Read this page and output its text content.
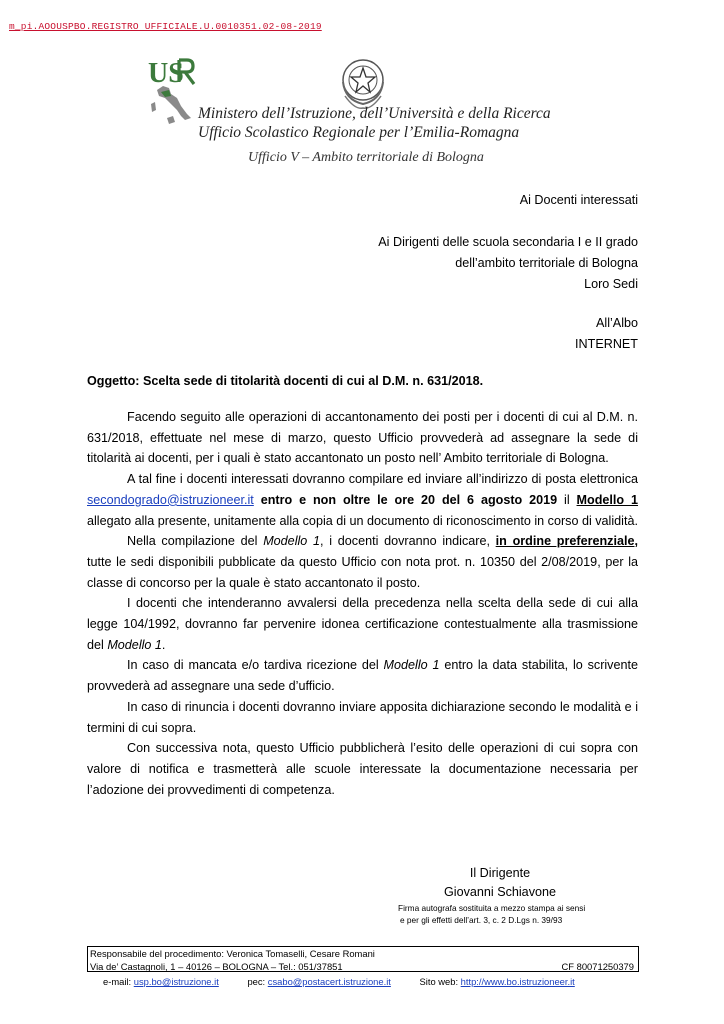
m_pi.AOOUSPBO.REGISTRO UFFICIALE.U.0010351.02-08-2019
US
Ministero dell’Istruzione, dell’Università e della Ricerca
Ufficio Scolastico Regionale per l’Emilia-Romagna
Ufficio V – Ambito territoriale di Bologna
Ai Docenti interessati
Ai Dirigenti delle scuola secondaria I e II grado
dell’ambito territoriale di Bologna
Loro Sedi
All’Albo
INTERNET
Oggetto: Scelta sede di titolarità docenti di cui al D.M. n. 631/2018.

Facendo seguito alle operazioni di accantonamento dei posti per i docenti di cui al D.M. n. 631/2018, effettuate nel mese di marzo, questo Ufficio provvederà ad assegnare la sede di titolarità ai docenti, per i quali è stato accantonato un posto nell’ Ambito territoriale di Bologna.

A tal fine i docenti interessati dovranno compilare ed inviare all’indirizzo di posta elettronica secondogrado@istruzioneer.it entro e non oltre le ore 20 del 6 agosto 2019 il Modello 1 allegato alla presente, unitamente alla copia di un documento di riconoscimento in corso di validità.

Nella compilazione del Modello 1, i docenti dovranno indicare, in ordine preferenziale, tutte le sedi disponibili pubblicate da questo Ufficio con nota prot. n. 10350 del 2/08/2019, per la classe di concorso per la quale è stato accantonato il posto.

I docenti che intenderanno avvalersi della precedenza nella scelta della sede di cui alla legge 104/1992, dovranno far pervenire idonea certificazione contestualmente alla trasmissione del Modello 1.

In caso di mancata e/o tardiva ricezione del Modello 1 entro la data stabilita, lo scrivente provvederà ad assegnare una sede d’ufficio.

In caso di rinuncia i docenti dovranno inviare apposita dichiarazione secondo le modalità e i termini di cui sopra.

Con successiva nota, questo Ufficio pubblicherà l’esito delle operazioni di cui sopra con valore di notifica e trasmetterà alle scuole interessate la documentazione necessaria per l’adozione dei provvedimenti di competenza.

Il Dirigente
Giovanni Schiavone
Firma autografa sostituita a mezzo stampa ai sensi
e per gli effetti dell’art. 3, c. 2 D.Lgs n. 39/93
Responsabile del procedimento: Veronica Tomaselli, Cesare Romani
Via de’ Castagnoli, 1 – 40126 – BOLOGNA – Tel.: 051/37851	CF 80071250379
e-mail: usp.bo@istruzione.it	pec: csabo@postacert.istruzione.it	Sito web: http://www.bo.istruzioneer.it
